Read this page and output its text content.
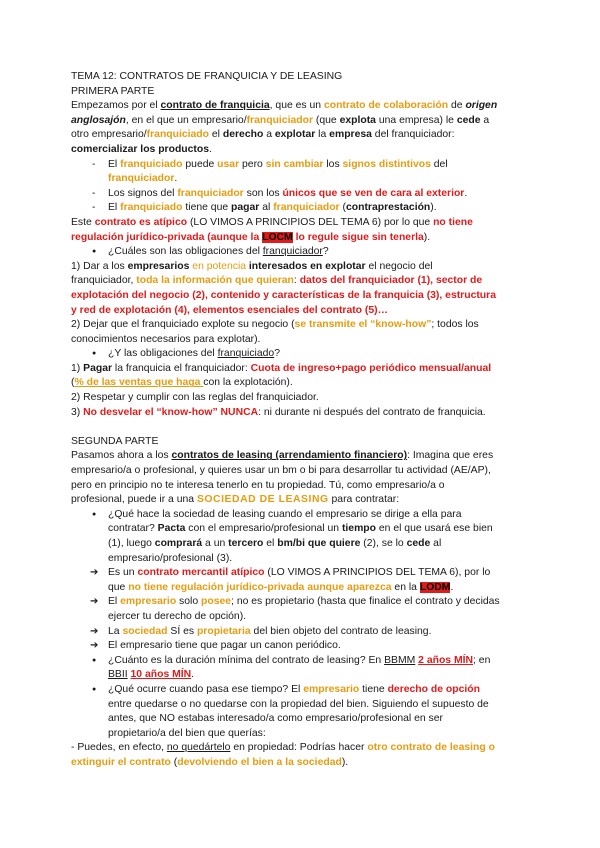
TEMA 12: CONTRATOS DE FRANQUICIA Y DE LEASING
PRIMERA PARTE
Empezamos por el contrato de franquicia, que es un contrato de colaboración de origen
anglosajón, en el que un empresario/franquiciador (que explota una empresa) le cede a
otro empresario/franquiciado el derecho a explotar la empresa del franquiciador:
comercializar los productos.
- El franquiciado puede usar pero sin cambiar los signos distintivos del
franquiciador.
- Los signos del franquiciador son los únicos que se ven de cara al exterior.
- El franquiciado tiene que pagar al franquiciador (contraprestación).
Este contrato es atípico (LO VIMOS A PRINCIPIOS DEL TEMA 6) por lo que no tiene
regulación jurídico-privada (aunque la LOCM lo regule sigue sin tenerla).
● ¿Cuáles son las obligaciones del franquiciador?
1) Dar a los empresarios en potencia interesados en explotar el negocio del
franquiciador, toda la información que quieran: datos del franquiciador (1), sector de
explotación del negocio (2), contenido y características de la franquicia (3), estructura
y red de explotación (4), elementos esenciales del contrato (5)…
2) Dejar que el franquiciado explote su negocio (se transmite el “know-how”; todos los
conocimientos necesarios para explotar).
● ¿Y las obligaciones del franquiciado?
1) Pagar la franquicia el franquiciador: Cuota de ingreso+pago periódico mensual/anual
(% de las ventas que haga con la explotación).
2) Respetar y cumplir con las reglas del franquiciador.
3) No desvelar el “know-how” NUNCA: ni durante ni después del contrato de franquicia.
SEGUNDA PARTE
Pasamos ahora a los contratos de leasing (arrendamiento financiero): Imagina que eres
empresario/a o profesional, y quieres usar un bm o bi para desarrollar tu actividad (AE/AP),
pero en principio no te interesa tenerlo en tu propiedad. Tú, como empresario/a o
profesional, puede ir a una SOCIEDAD DE LEASING para contratar:
● ¿Qué hace la sociedad de leasing cuando el empresario se dirige a ella para
contratar? Pacta con el empresario/profesional un tiempo en el que usará ese bien
(1), luego comprará a un tercero el bm/bi que quiere (2), se lo cede al
empresario/profesional (3).
➔ Es un contrato mercantil atípico (LO VIMOS A PRINCIPIOS DEL TEMA 6), por lo
que no tiene regulación jurídico-privada aunque aparezca en la LODM.
➔ El empresario solo posee; no es propietario (hasta que finalice el contrato y decidas
ejercer tu derecho de opción).
➔ La sociedad SÍ es propietaria del bien objeto del contrato de leasing.
➔ El empresario tiene que pagar un canon periódico.
● ¿Cuánto es la duración mínima del contrato de leasing? En BBMM 2 años MÍN; en
BBII 10 años MÍN.
● ¿Qué ocurre cuando pasa ese tiempo? El empresario tiene derecho de opción
entre quedarse o no quedarse con la propiedad del bien. Siguiendo el supuesto de
antes, que NO estabas interesado/a como empresario/profesional en ser
propietario/a del bien que querías:
- Puedes, en efecto, no quedártelo en propiedad: Podrías hacer otro contrato de leasing o
extinguir el contrato (devolviendo el bien a la sociedad).
